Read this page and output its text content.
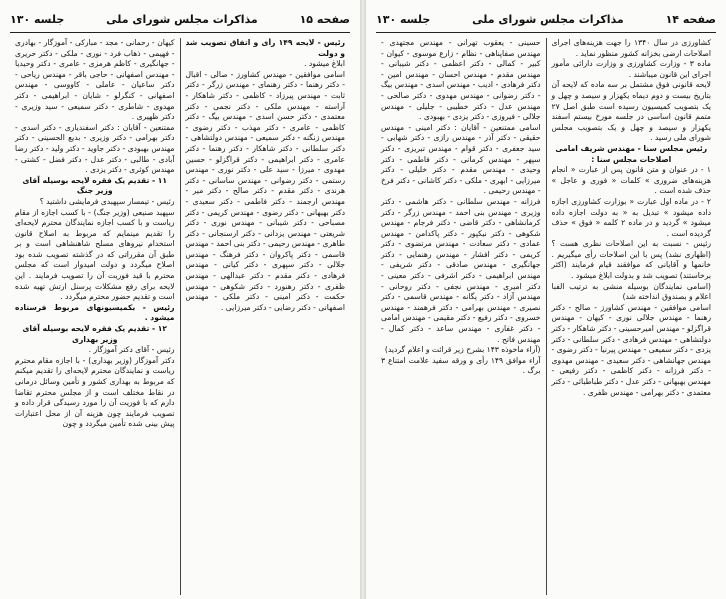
صفحه ۱۵
مذاکرات مجلس شورای ملی
جلسه ۱۳۰

رئیس - لایحه ۱۴۹ رأی و اتفاق تصویب شد و دولت

ابلاغ میشود .

اسامی موافقین - مهندس کشاورز - صالی - اقبال - دکتر رهنما - دکتر رهنمای - مهندس زرگر - دکتر ثابت - مهندس پیرزاد - کاظمی - دکتر شاهکار - آراسته - مهندس ملکی - دکتر نجمی - دکتر معتمدی - دکتر حسن اسدی - مهندس بیگ - دکتر کاظمی - عامری - دکتر مهذب - دکتر رضوی - مهندس زنگنه - دکتر سمیعی - مهندس دولتشاهی - دکتر سلطانی - دکتر شاهکار - دکتر رهنما - دکتر عامری - دکتر ابراهیمی - دکتر قراگزلو - حسین مهدوی - میرزا - سید علی - دکتر نوری - مهندس رستمی - دکتر رضوانی - مهندس ساسانی - دکتر هرندی - دکتر مقدم - دکتر صالح - دکتر میر - مهندس ارجمند - دکتر فاطمی - دکتر سعیدی - دکتر بهبهانی - دکتر رضوی - مهندس کریمی - دکتر مصباحی - دکتر شیبانی - مهندس نوری - دکتر شریعتی - مهندس یزدانی - دکتر ارسنجانی - دکتر طاهری - مهندس رحیمی - دکتر بنی احمد - مهندس قاسمی - دکتر پاکروان - دکتر فرهنگ - مهندس جلالی - دکتر سپهری - دکتر کیانی - مهندس فرهادی - دکتر مقدم - دکتر عبدالهی - مهندس ظفری - دکتر رهنورد - دکتر شکوهی - مهندس حکمت - دکتر امینی - دکتر ملکی - مهندس اصفهانی - دکتر رضایی - دکتر میرزایی .

کیهان - رحمانی - مجد - مبارکی - آموزگار - بهادری - فهیمی - ذهاب فرد - نوری - ملکی - دکتر حریری - جهانگیری - کاظم هرمزی - عامری - دکتر وحیدیا - مهندس اصفهانی - حاجی باقر - مهندس ریاحی - دکتر ساعیان - عاملی - کاووسی - مهندس اصفهانی - کنگرلو - شایان - ابراهیمی - دکتر مهدوی - شاطری - دکتر سمیعی - سید وزیری - دکتر ظهیری .

ممتنعین - آقایان : دکتر اسفندیاری - دکتر اسدی - دکتر بهرامی - دکتر وزیری - بدیع الحسینی - دکتر مهندس بهبودی - دکتر جاوید - دکتر ولید - دکتر رضا آبادی - طالبی - دکتر عدل - دکتر فضل - کشتی - مهندس کوثری - دکتر یزدی .

۱۱ - تقدیم یک فقره لایحه بوسیله آقای وزیر جنگ

رئیس - تیمسار سپهبدی فرمایشی داشتید ؟

سپهبد صنیعی (وزیر جنگ) - با کسب اجازه از مقام ریاست و با کسب اجازه نمایندگان محترم لایحه‌ای را تقدیم مینمایم که مربوط به اصلاح قانون استخدام نیروهای مسلح شاهنشاهی است و بر طبق آن مقرراتی که در گذشته تصویب شده بود اصلاح میگردد و دولت امیدوار است که مجلس محترم با قید فوریت آن را تصویب فرمایند . این لایحه برای رفع مشکلات پرسنل ارتش تهیه شده است و تقدیم حضور محترم میگردد .

رئیس - بکمیسیونهای مربوط فرستاده میشود .

۱۲ - تقدیم یک فقره لایحه بوسیله آقای وزیر بهداری

رئیس - آقای دکتر آموزگار .

دکتر آموزگار (وزیر بهداری) - با اجازه مقام محترم ریاست و نمایندگان محترم لایحه‌ای را تقدیم میکنم که مربوط به بهداری کشور و تأمین وسائل درمانی در نقاط مختلف است و از مجلس محترم تقاضا دارم که با فوریت آن را مورد رسیدگی قرار داده و تصویب فرمایند چون هزینه آن از محل اعتبارات پیش بینی شده تأمین میگردد و چون

صفحه ۱۴
مذاکرات مجلس شورای ملی
جلسه ۱۳۰

کشاورزی در سال ۱۳۴۰ را جهت هزینه‌های اجرای اصلاحات ارضی بخزانه کشور منظور نماید .

ماده ۳ - وزارت کشاورزی و وزارت دارائی مأمور اجرای این قانون میباشند .

لایحه قانونی فوق مشتمل بر سه ماده که لایحه آن بتاریخ بیست و دوم دیماه یکهزار و سیصد و چهل و یک بتصویب کمیسیون رسیده است طبق اصل ۲۷ متمم قانون اساسی در جلسه مورخ بیستم اسفند یکهزار و سیصد و چهل و یک بتصویب مجلس شورای ملی رسید .

رئیس مجلس سنا - مهندس شریف امامی

اصلاحات مجلس سنا :

۱ - در عنوان و متن قانون پس از عبارت « انجام هزینه‌های ضروری » کلمات « فوری و عاجل » حذف شده است .

۲ - در ماده اول عبارت « بوزارت کشاورزی اجازه داده میشود » تبدیل به « به دولت اجازه داده میشود » گردید و در ماده ۲ کلمه « فوق » حذف گردیده است .

رئیس - نسبت به این اصلاحات نظری هست ؟ (اظهاری نشد) پس با این اصلاحات رأی میگیریم . خانمها و آقایانی که موافقند قیام فرمایند (اکثر برخاستند) تصویب شد و بدولت ابلاغ میشود .

(اسامی نمایندگان بوسیله منشی به ترتیب الفبا اعلام و بصندوق انداخته شد)

اسامی موافقین - مهندس کشاورز - صالح - دکتر رهنما - مهندس جلالی نوری - کیهان - مهندس قراگزلو - مهندس امیرحسینی - دکتر شاهکار - دکتر دولتشاهی - مهندس فرهادی - دکتر سلطانی - دکتر یزدی - دکتر سمیعی - مهندس پیرنیا - دکتر رضوی - مهندس جهانشاهی - دکتر سعیدی - مهندس مهدوی - دکتر فرزانه - دکتر کاظمی - دکتر رفیعی - مهندس بهبهانی - دکتر عدل - دکتر طباطبائی - دکتر معتمدی - دکتر بهرامی - مهندس ظفری .

حسینی - یعقوب تهرانی - مهندس مجتهدی - مهندس صفاپناهی - نظام - زارع موسوی - کیوان - کبیر - کمالی - دکتر اعظمی - دکتر شیبانی - مهندس مقدم - مهندس احسان - مهندس امین - دکتر فرهادی - ادیب - مهندس اسدی - مهندس بیگ - دکتر رضوانی - مهندس مهدوی - دکتر صالحی - مهندس عدل - دکتر خطیبی - جلیلی - مهندس جلالی - فیروزی - دکتر یزدی - بهبودی .

اسامی ممتنعین - آقایان : دکتر امینی - مهندس حقیقی - دکتر آذر - مهندس رازی - دکتر شهابی - سید جعفری - دکتر قوام - مهندس تبریزی - دکتر سپهر - مهندس کرمانی - دکتر فاطمی - دکتر وحیدی - مهندس مقدم - دکتر خلیلی - دکتر میرزایی - ابهری - ملکی - دکتر کاشانی - دکتر فرخ - مهندس رحیمی .

فرزانه - مهندس سلطانی - دکتر هاشمی - دکتر وزیری - مهندس بنی احمد - مهندس زرگر - دکتر کرمانشاهی - دکتر قاضی - دکتر فرجام - مهندس شکوهی - دکتر نیکپور - دکتر پاکدامن - مهندس عمادی - دکتر سعادت - مهندس مرتضوی - دکتر کریمی - دکتر افشار - مهندس رهنمایی - دکتر جهانگیری - مهندس صادقی - دکتر شریفی - مهندس ابراهیمی - دکتر اشرفی - دکتر معینی - دکتر امیری - مهندس نجفی - دکتر روحانی - مهندس آزاد - دکتر یگانه - مهندس قاسمی - دکتر نصیری - مهندس بهرامی - دکتر فرهمند - مهندس خسروی - دکتر رفیع - دکتر مقیمی - مهندس امامی - دکتر غفاری - مهندس ساعد - دکتر کمال - مهندس فاتح .

(آراء ماخوذه ۱۴۳ بشرح زیر قرائت و اعلام گردید)

آراء موافق ۱۴۹ رأی و ورقه سفید علامت امتناع ۳ برگ .
